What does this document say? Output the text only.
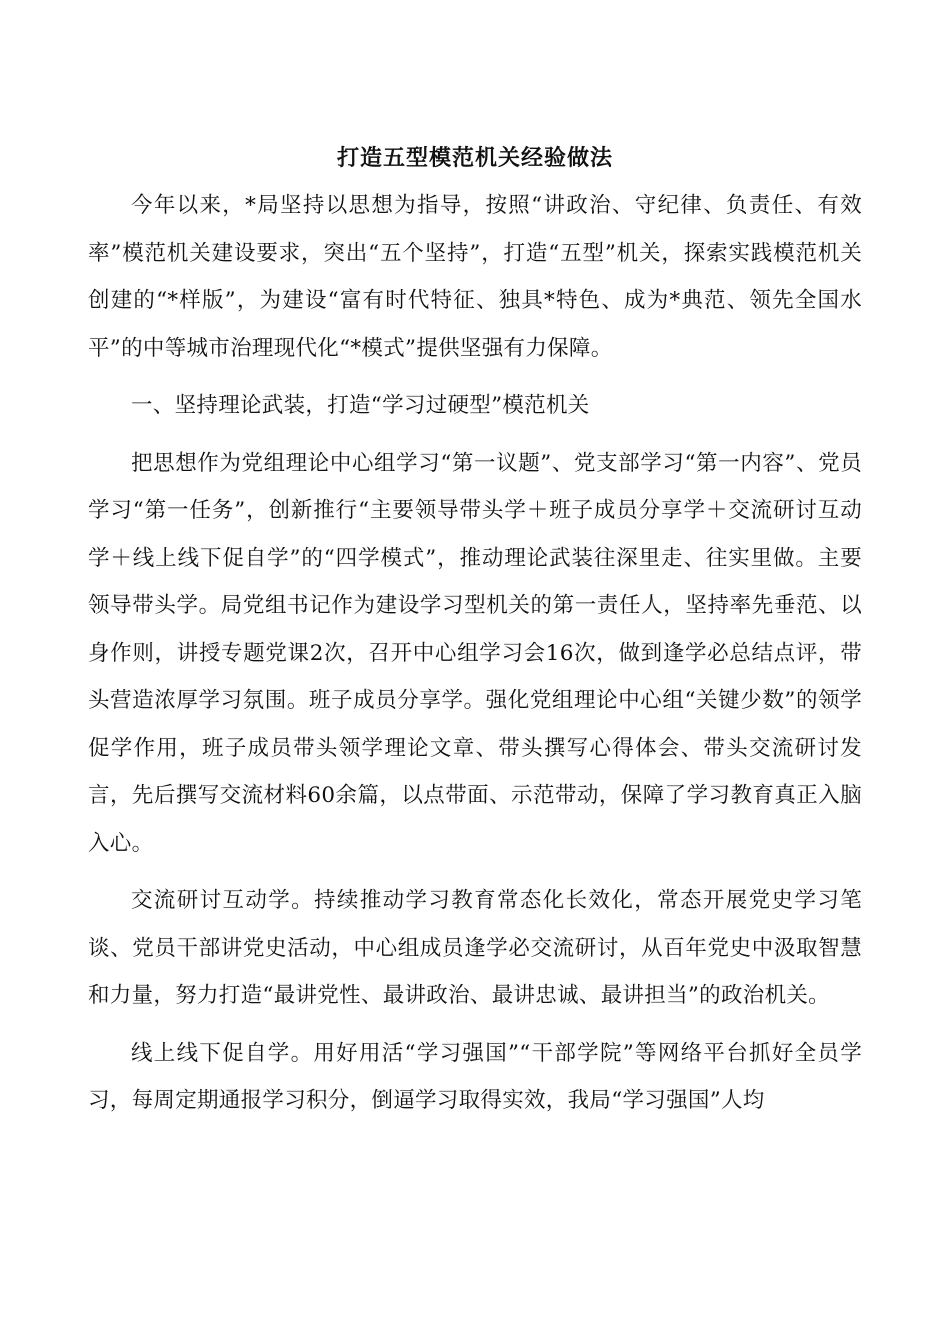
打造五型模范机关经验做法

今年以来，*局坚持以思想为指导，按照“讲政治、守纪律、负责任、有效率”模范机关建设要求，突出“五个坚持”，打造“五型”机关，探索实践模范机关创建的“*样版”，为建设“富有时代特征、独具*特色、成为*典范、领先全国水平”的中等城市治理现代化“*模式”提供坚强有力保障。

一、坚持理论武装，打造“学习过硬型”模范机关

把思想作为党组理论中心组学习“第一议题”、党支部学习“第一内容”、党员学习“第一任务”，创新推行“主要领导带头学＋班子成员分享学＋交流研讨互动学＋线上线下促自学”的“四学模式”，推动理论武装往深里走、往实里做。主要领导带头学。局党组书记作为建设学习型机关的第一责任人，坚持率先垂范、以身作则，讲授专题党课2次，召开中心组学习会16次，做到逢学必总结点评，带头营造浓厚学习氛围。班子成员分享学。强化党组理论中心组“关键少数”的领学促学作用，班子成员带头领学理论文章、带头撰写心得体会、带头交流研讨发言，先后撰写交流材料60余篇，以点带面、示范带动，保障了学习教育真正入脑入心。

交流研讨互动学。持续推动学习教育常态化长效化，常态开展党史学习笔谈、党员干部讲党史活动，中心组成员逢学必交流研讨，从百年党史中汲取智慧和力量，努力打造“最讲党性、最讲政治、最讲忠诚、最讲担当”的政治机关。

线上线下促自学。用好用活“学习强国”“干部学院”等网络平台抓好全员学习，每周定期通报学习积分，倒逼学习取得实效，我局“学习强国”人均
